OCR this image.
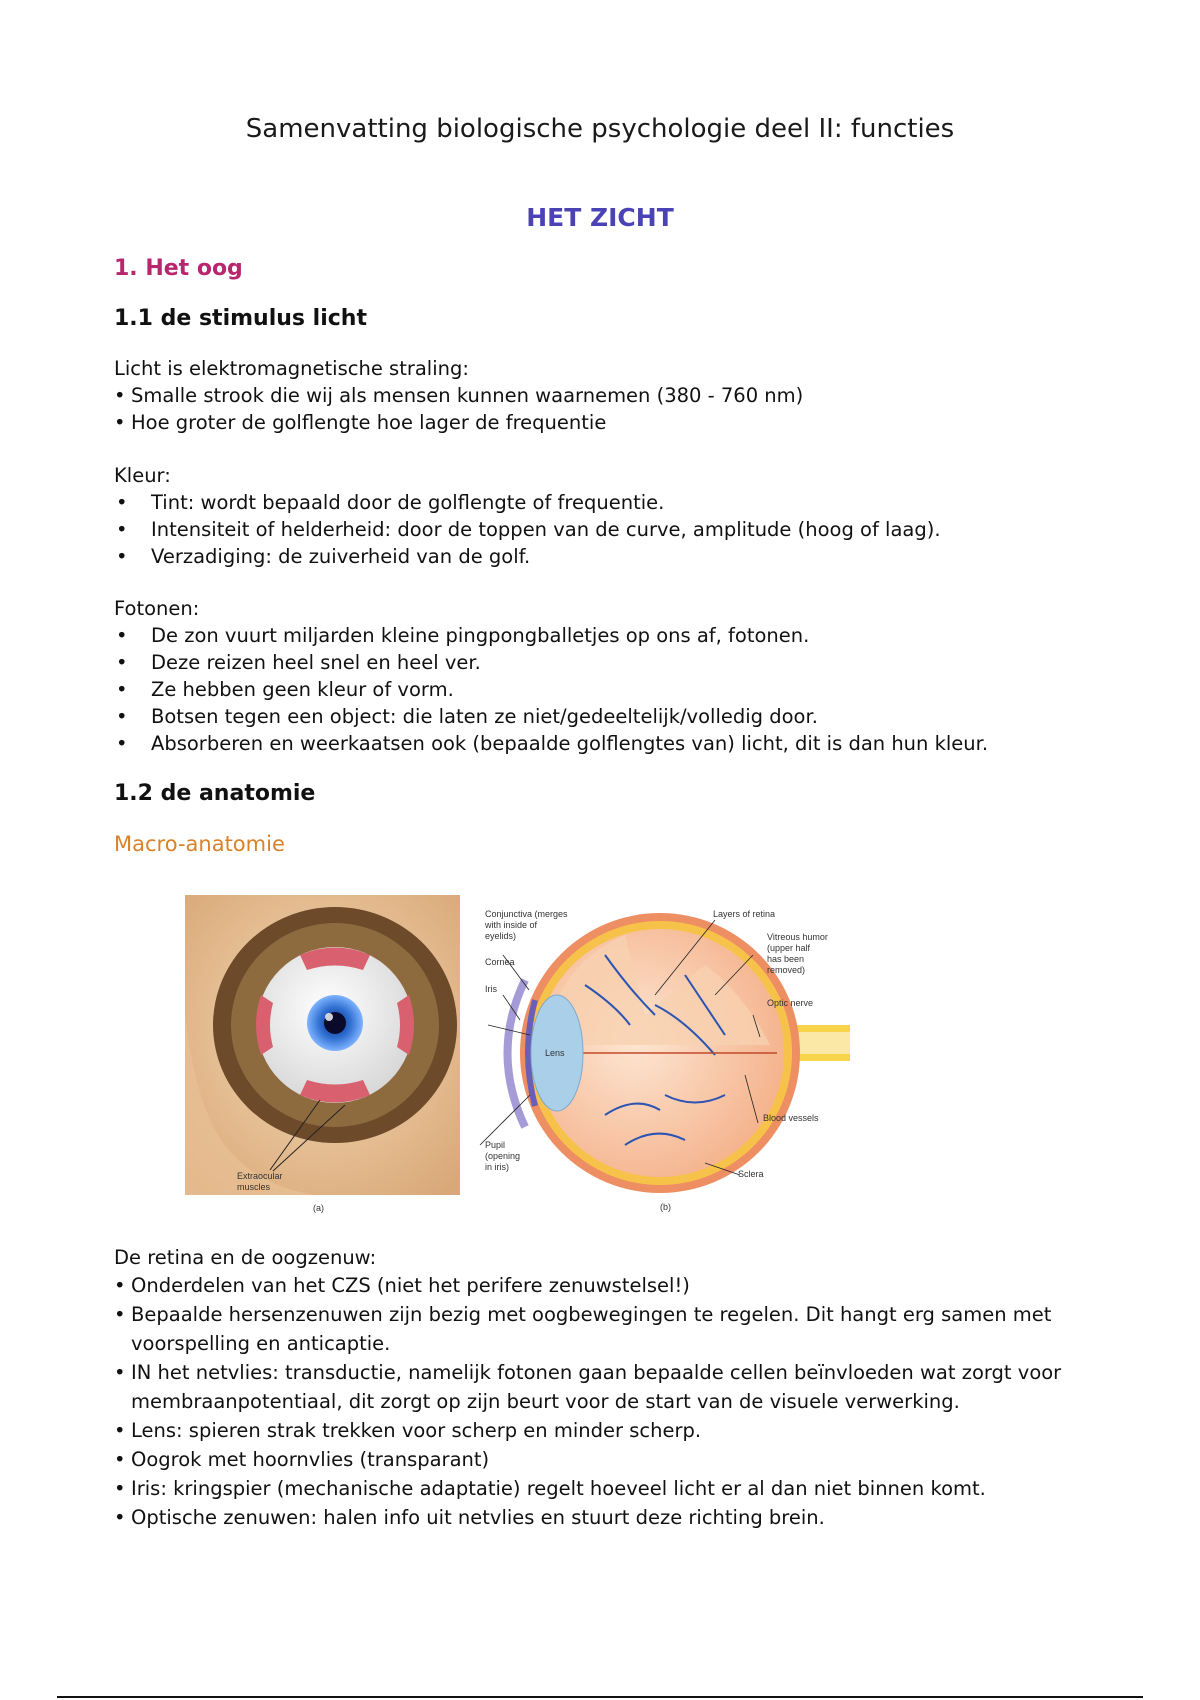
Samenvatting biologische psychologie deel II: functies
HET ZICHT
1. Het oog
1.1 de stimulus licht

Licht is elektromagnetische straling:

• Smalle strook die wij als mensen kunnen waarnemen (380 - 760 nm)
• Hoe groter de golflengte hoe lager de frequentie

Kleur:

• Tint: wordt bepaald door de golflengte of frequentie.
• Intensiteit of helderheid: door de toppen van de curve, amplitude (hoog of laag).
• Verzadiging: de zuiverheid van de golf.

Fotonen:

• De zon vuurt miljarden kleine pingpongballetjes op ons af, fotonen.
• Deze reizen heel snel en heel ver.
• Ze hebben geen kleur of vorm.
• Botsen tegen een object: die laten ze niet/gedeeltelijk/volledig door.
• Absorberen en weerkaatsen ook (bepaalde golflengtes van) licht, dit is dan hun kleur.
1.2 de anatomie
Macro-anatomie
Extraocular
muscles
(a)
Lens
Conjunctiva (merges
with inside of
eyelids)
Cornea
Iris
Pupil
(opening
in iris)
Layers of retina
Vitreous humor
(upper half
has been
removed)
Optic nerve
Blood vessels
Sclera
(b)

De retina en de oogzenuw:

• Onderdelen van het CZS (niet het perifere zenuwstelsel!)
• Bepaalde hersenzenuwen zijn bezig met oogbewegingen te regelen. Dit hangt erg samen met voorspelling en anticaptie.
• IN het netvlies: transductie, namelijk fotonen gaan bepaalde cellen beïnvloeden wat zorgt voor membraanpotentiaal, dit zorgt op zijn beurt voor de start van de visuele verwerking.
• Lens: spieren strak trekken voor scherp en minder scherp.
• Oogrok met hoornvlies (transparant)
• Iris: kringspier (mechanische adaptatie) regelt hoeveel licht er al dan niet binnen komt.
• Optische zenuwen: halen info uit netvlies en stuurt deze richting brein.
